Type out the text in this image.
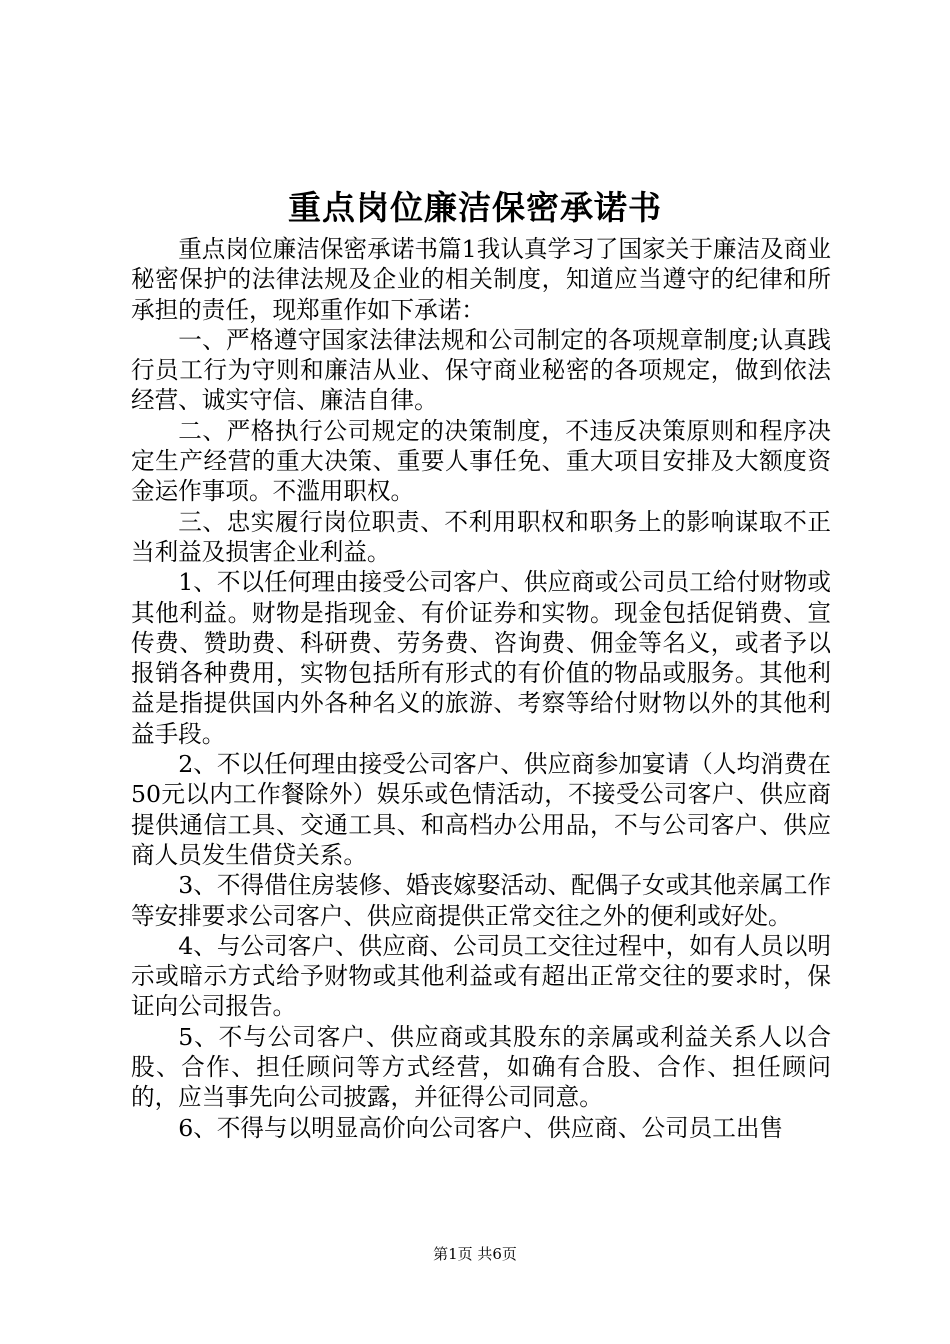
重点岗位廉洁保密承诺书

重点岗位廉洁保密承诺书篇1我认真学习了国家关于廉洁及商业秘密保护的法律法规及企业的相关制度，知道应当遵守的纪律和所承担的责任，现郑重作如下承诺：

一、严格遵守国家法律法规和公司制定的各项规章制度;认真践行员工行为守则和廉洁从业、保守商业秘密的各项规定，做到依法经营、诚实守信、廉洁自律。

二、严格执行公司规定的决策制度，不违反决策原则和程序决定生产经营的重大决策、重要人事任免、重大项目安排及大额度资金运作事项。不滥用职权。

三、忠实履行岗位职责、不利用职权和职务上的影响谋取不正当利益及损害企业利益。

1、不以任何理由接受公司客户、供应商或公司员工给付财物或其他利益。财物是指现金、有价证券和实物。现金包括促销费、宣传费、赞助费、科研费、劳务费、咨询费、佣金等名义，或者予以报销各种费用，实物包括所有形式的有价值的物品或服务。其他利益是指提供国内外各种名义的旅游、考察等给付财物以外的其他利益手段。

2、不以任何理由接受公司客户、供应商参加宴请（人均消费在50元以内工作餐除外）娱乐或色情活动，不接受公司客户、供应商提供通信工具、交通工具、和高档办公用品，不与公司客户、供应商人员发生借贷关系。

3、不得借住房装修、婚丧嫁娶活动、配偶子女或其他亲属工作等安排要求公司客户、供应商提供正常交往之外的便利或好处。

4、与公司客户、供应商、公司员工交往过程中，如有人员以明示或暗示方式给予财物或其他利益或有超出正常交往的要求时，保证向公司报告。

5、不与公司客户、供应商或其股东的亲属或利益关系人以合股、合作、担任顾问等方式经营，如确有合股、合作、担任顾问的，应当事先向公司披露，并征得公司同意。

6、不得与以明显高价向公司客户、供应商、公司员工出售

第1页 共6页
